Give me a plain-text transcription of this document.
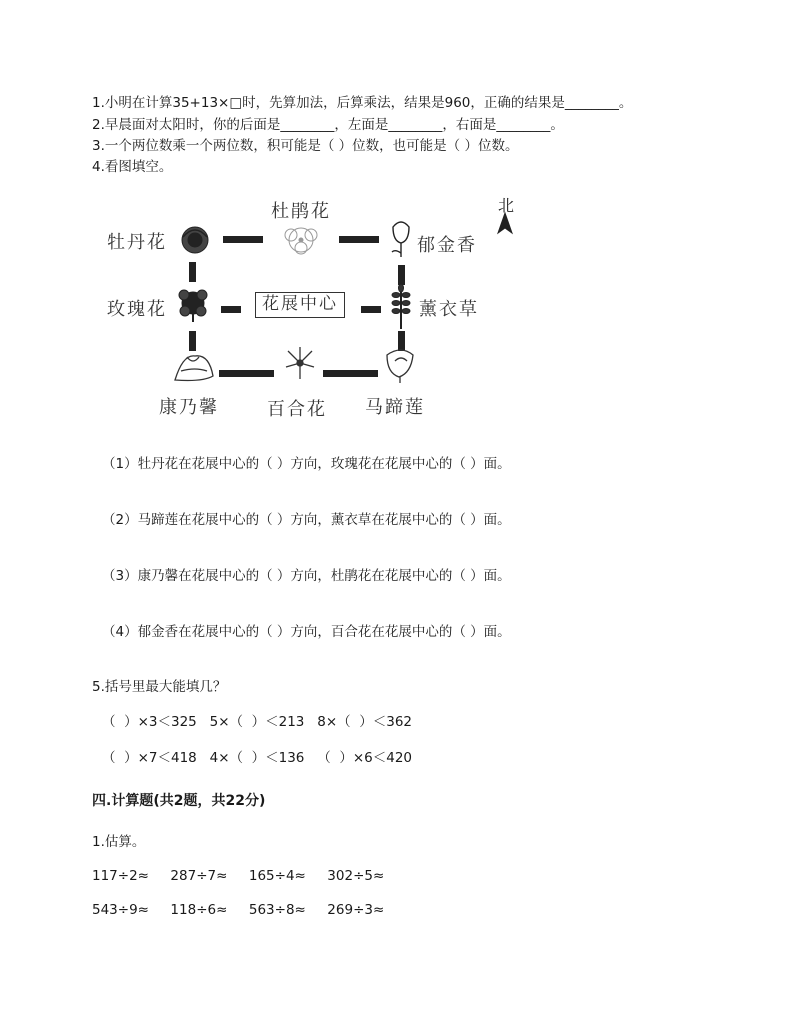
1.小明在计算35+13×□时，先算加法，后算乘法，结果是960，正确的结果是________。
2.早晨面对太阳时，你的后面是________，左面是________，右面是________。
3.一个两位数乘一个两位数，积可能是（ ）位数，也可能是（ ）位数。
4.看图填空。
北
牡丹花
杜鹃花
郁金香
玫瑰花	薰衣草
康乃馨	百合花 马蹄莲
花展中心
（1）牡丹花在花展中心的（ ）方向，玫瑰花在花展中心的（ ）面。
（2）马蹄莲在花展中心的（ ）方向，薰衣草在花展中心的（ ）面。
（3）康乃馨在花展中心的（ ）方向，杜鹃花在花展中心的（ ）面。
（4）郁金香在花展中心的（ ）方向，百合花在花展中心的（ ）面。
5.括号里最大能填几？
（  ）×3＜325   5×（  ）＜213   8×（  ）＜362
（  ）×7＜418   4×（  ）＜136   （  ）×6＜420
四.计算题(共2题，共22分)
1.估算。
117÷2≈     287÷7≈     165÷4≈     302÷5≈
543÷9≈     118÷6≈     563÷8≈     269÷3≈
